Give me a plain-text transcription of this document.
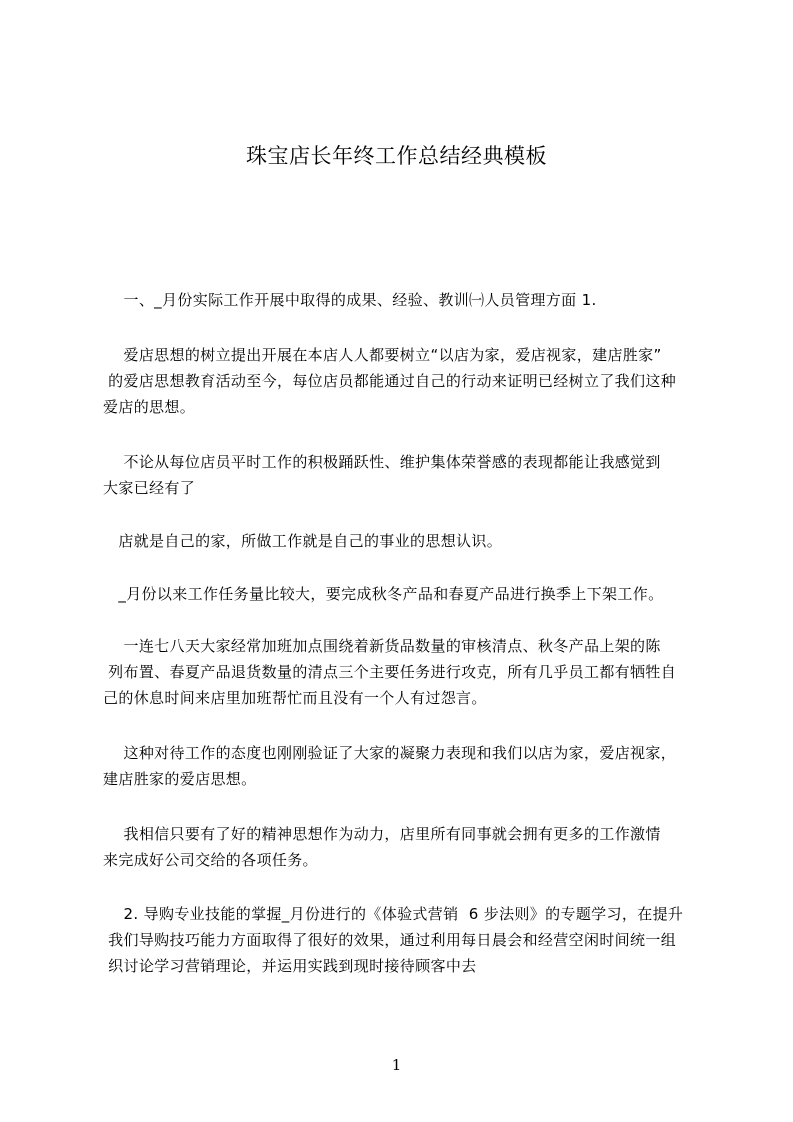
珠宝店长年终工作总结经典模板

一、_月份实际工作开展中取得的成果、经验、教训㈠人员管理方面 1.

爱店思想的树立提出开展在本店人人都要树立“以店为家，爱店视家，建店胜家”
的爱店思想教育活动至今，每位店员都能通过自己的行动来证明已经树立了我们这种
爱店的思想。

不论从每位店员平时工作的积极踊跃性、维护集体荣誉感的表现都能让我感觉到
大家已经有了

店就是自己的家，所做工作就是自己的事业的思想认识。

_月份以来工作任务量比较大，要完成秋冬产品和春夏产品进行换季上下架工作。

一连七八天大家经常加班加点围绕着新货品数量的审核清点、秋冬产品上架的陈
列布置、春夏产品退货数量的清点三个主要任务进行攻克，所有几乎员工都有牺牲自
己的休息时间来店里加班帮忙而且没有一个人有过怨言。

这种对待工作的态度也刚刚验证了大家的凝聚力表现和我们以店为家，爱店视家，
建店胜家的爱店思想。

我相信只要有了好的精神思想作为动力，店里所有同事就会拥有更多的工作激情
来完成好公司交给的各项任务。

2. 导购专业技能的掌握_月份进行的《体验式营销  6 步法则》的专题学习，在提升
我们导购技巧能力方面取得了很好的效果，通过利用每日晨会和经营空闲时间统一组
织讨论学习营销理论，并运用实践到现时接待顾客中去

1
